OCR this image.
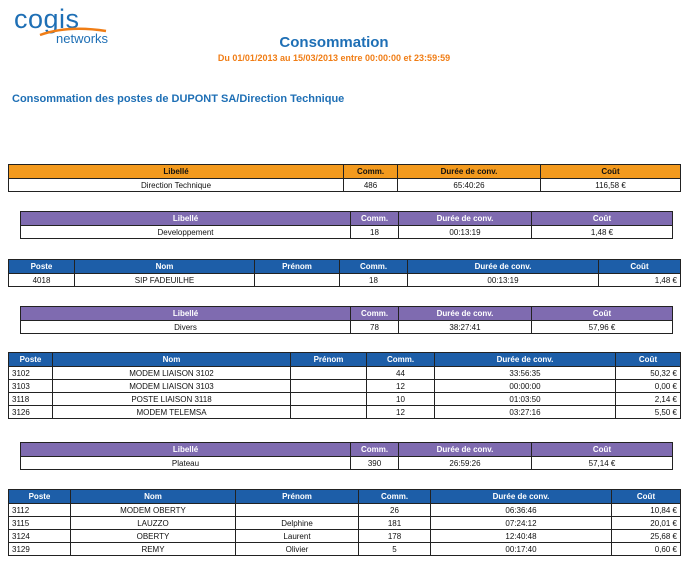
cogis
networks	Consommation
Du 01/01/2013 au 15/03/2013 entre 00:00:00 et 23:59:59
Consommation des postes de DUPONT SA/Direction Technique
Libellé	Comm.	Durée de conv.	Coût
Direction Technique	486	65:40:26	116,58 €
Libellé	Comm.	Durée de conv.	Coût
Developpement	18	00:13:19	1,48 €
Poste	Nom	Prénom	Comm.	Durée de conv.	Coût
4018	SIP FADEUILHE		18	00:13:19	1,48 €
Libellé	Comm.	Durée de conv.	Coût
Divers	78	38:27:41	57,96 €
Poste	Nom	Prénom	Comm.	Durée de conv.	Coût
3102	MODEM LIAISON 3102		44	33:56:35	50,32 €
3103	MODEM LIAISON 3103		12	00:00:00	0,00 €
3118	POSTE LIAISON 3118		10	01:03:50	2,14 €
3126	MODEM TELEMSA		12	03:27:16	5,50 €
Libellé	Comm.	Durée de conv.	Coût
Plateau	390	26:59:26	57,14 €
Poste	Nom	Prénom	Comm.	Durée de conv.	Coût
3112	MODEM OBERTY		26	06:36:46	10,84 €
3115	LAUZZO	Delphine	181	07:24:12	20,01 €
3124	OBERTY	Laurent	178	12:40:48	25,68 €
3129	REMY	Olivier	5	00:17:40	0,60 €
